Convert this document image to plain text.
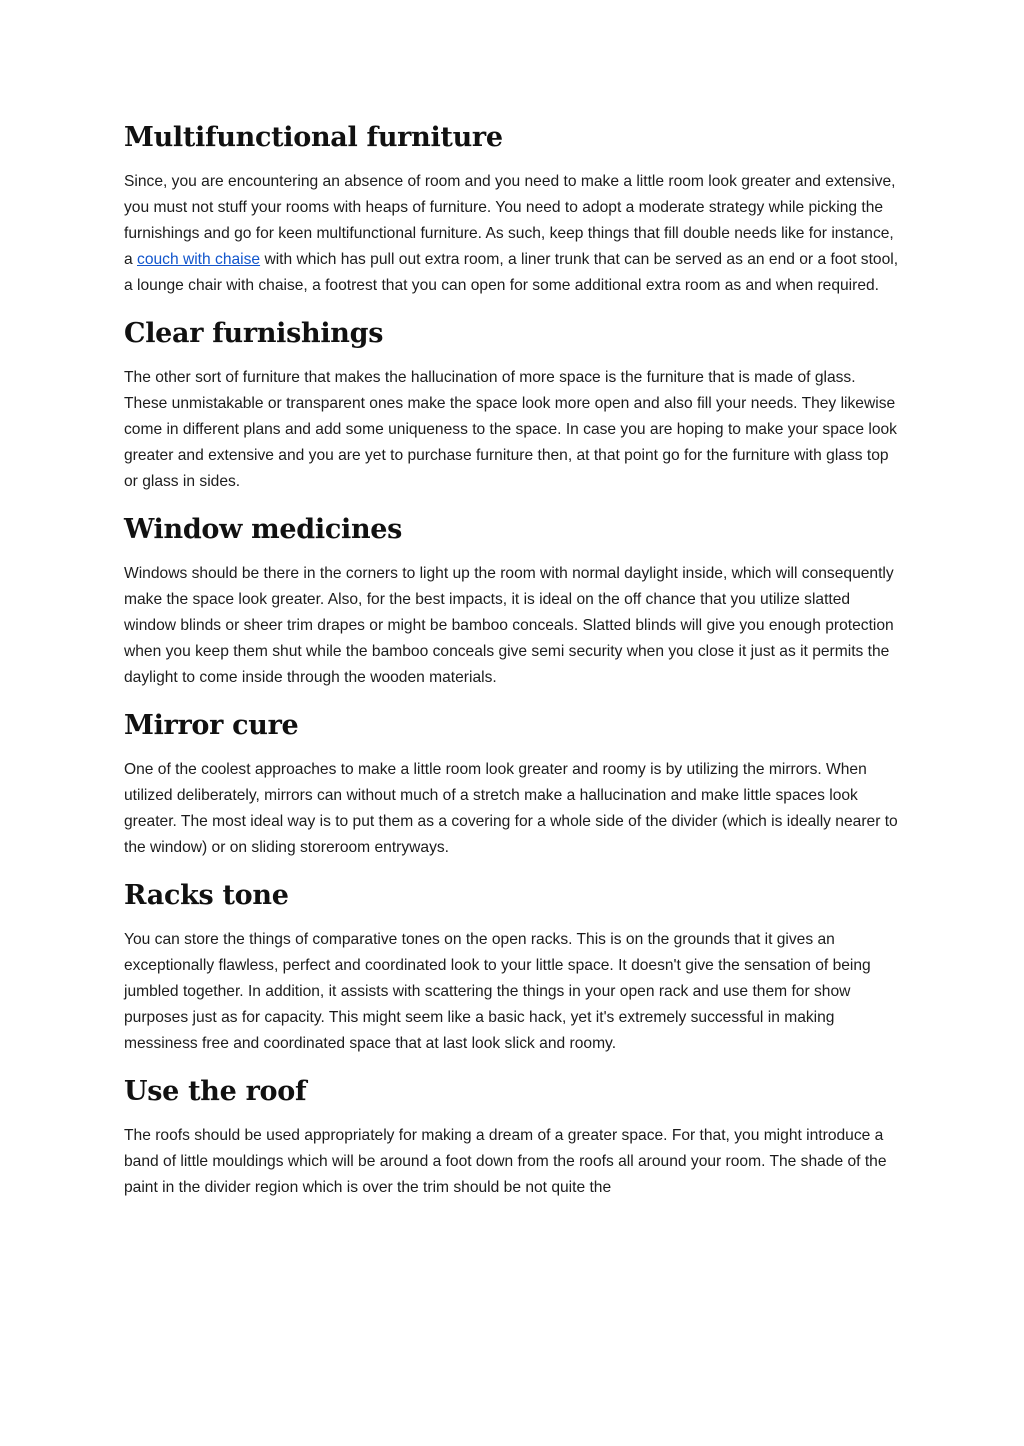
Multifunctional furniture

Since, you are encountering an absence of room and you need to make a little room look greater and extensive, you must not stuff your rooms with heaps of furniture. You need to adopt a moderate strategy while picking the furnishings and go for keen multifunctional furniture. As such, keep things that fill double needs like for instance, a couch with chaise with which has pull out extra room, a liner trunk that can be served as an end or a foot stool, a lounge chair with chaise, a footrest that you can open for some additional extra room as and when required.

Clear furnishings

The other sort of furniture that makes the hallucination of more space is the furniture that is made of glass. These unmistakable or transparent ones make the space look more open and also fill your needs. They likewise come in different plans and add some uniqueness to the space. In case you are hoping to make your space look greater and extensive and you are yet to purchase furniture then, at that point go for the furniture with glass top or glass in sides.

Window medicines

Windows should be there in the corners to light up the room with normal daylight inside, which will consequently make the space look greater. Also, for the best impacts, it is ideal on the off chance that you utilize slatted window blinds or sheer trim drapes or might be bamboo conceals. Slatted blinds will give you enough protection when you keep them shut while the bamboo conceals give semi security when you close it just as it permits the daylight to come inside through the wooden materials.

Mirror cure

One of the coolest approaches to make a little room look greater and roomy is by utilizing the mirrors. When utilized deliberately, mirrors can without much of a stretch make a hallucination and make little spaces look greater. The most ideal way is to put them as a covering for a whole side of the divider (which is ideally nearer to the window) or on sliding storeroom entryways.

Racks tone

You can store the things of comparative tones on the open racks. This is on the grounds that it gives an exceptionally flawless, perfect and coordinated look to your little space. It doesn't give the sensation of being jumbled together. In addition, it assists with scattering the things in your open rack and use them for show purposes just as for capacity. This might seem like a basic hack, yet it's extremely successful in making messiness free and coordinated space that at last look slick and roomy.

Use the roof

The roofs should be used appropriately for making a dream of a greater space. For that, you might introduce a band of little mouldings which will be around a foot down from the roofs all around your room. The shade of the paint in the divider region which is over the trim should be not quite the
